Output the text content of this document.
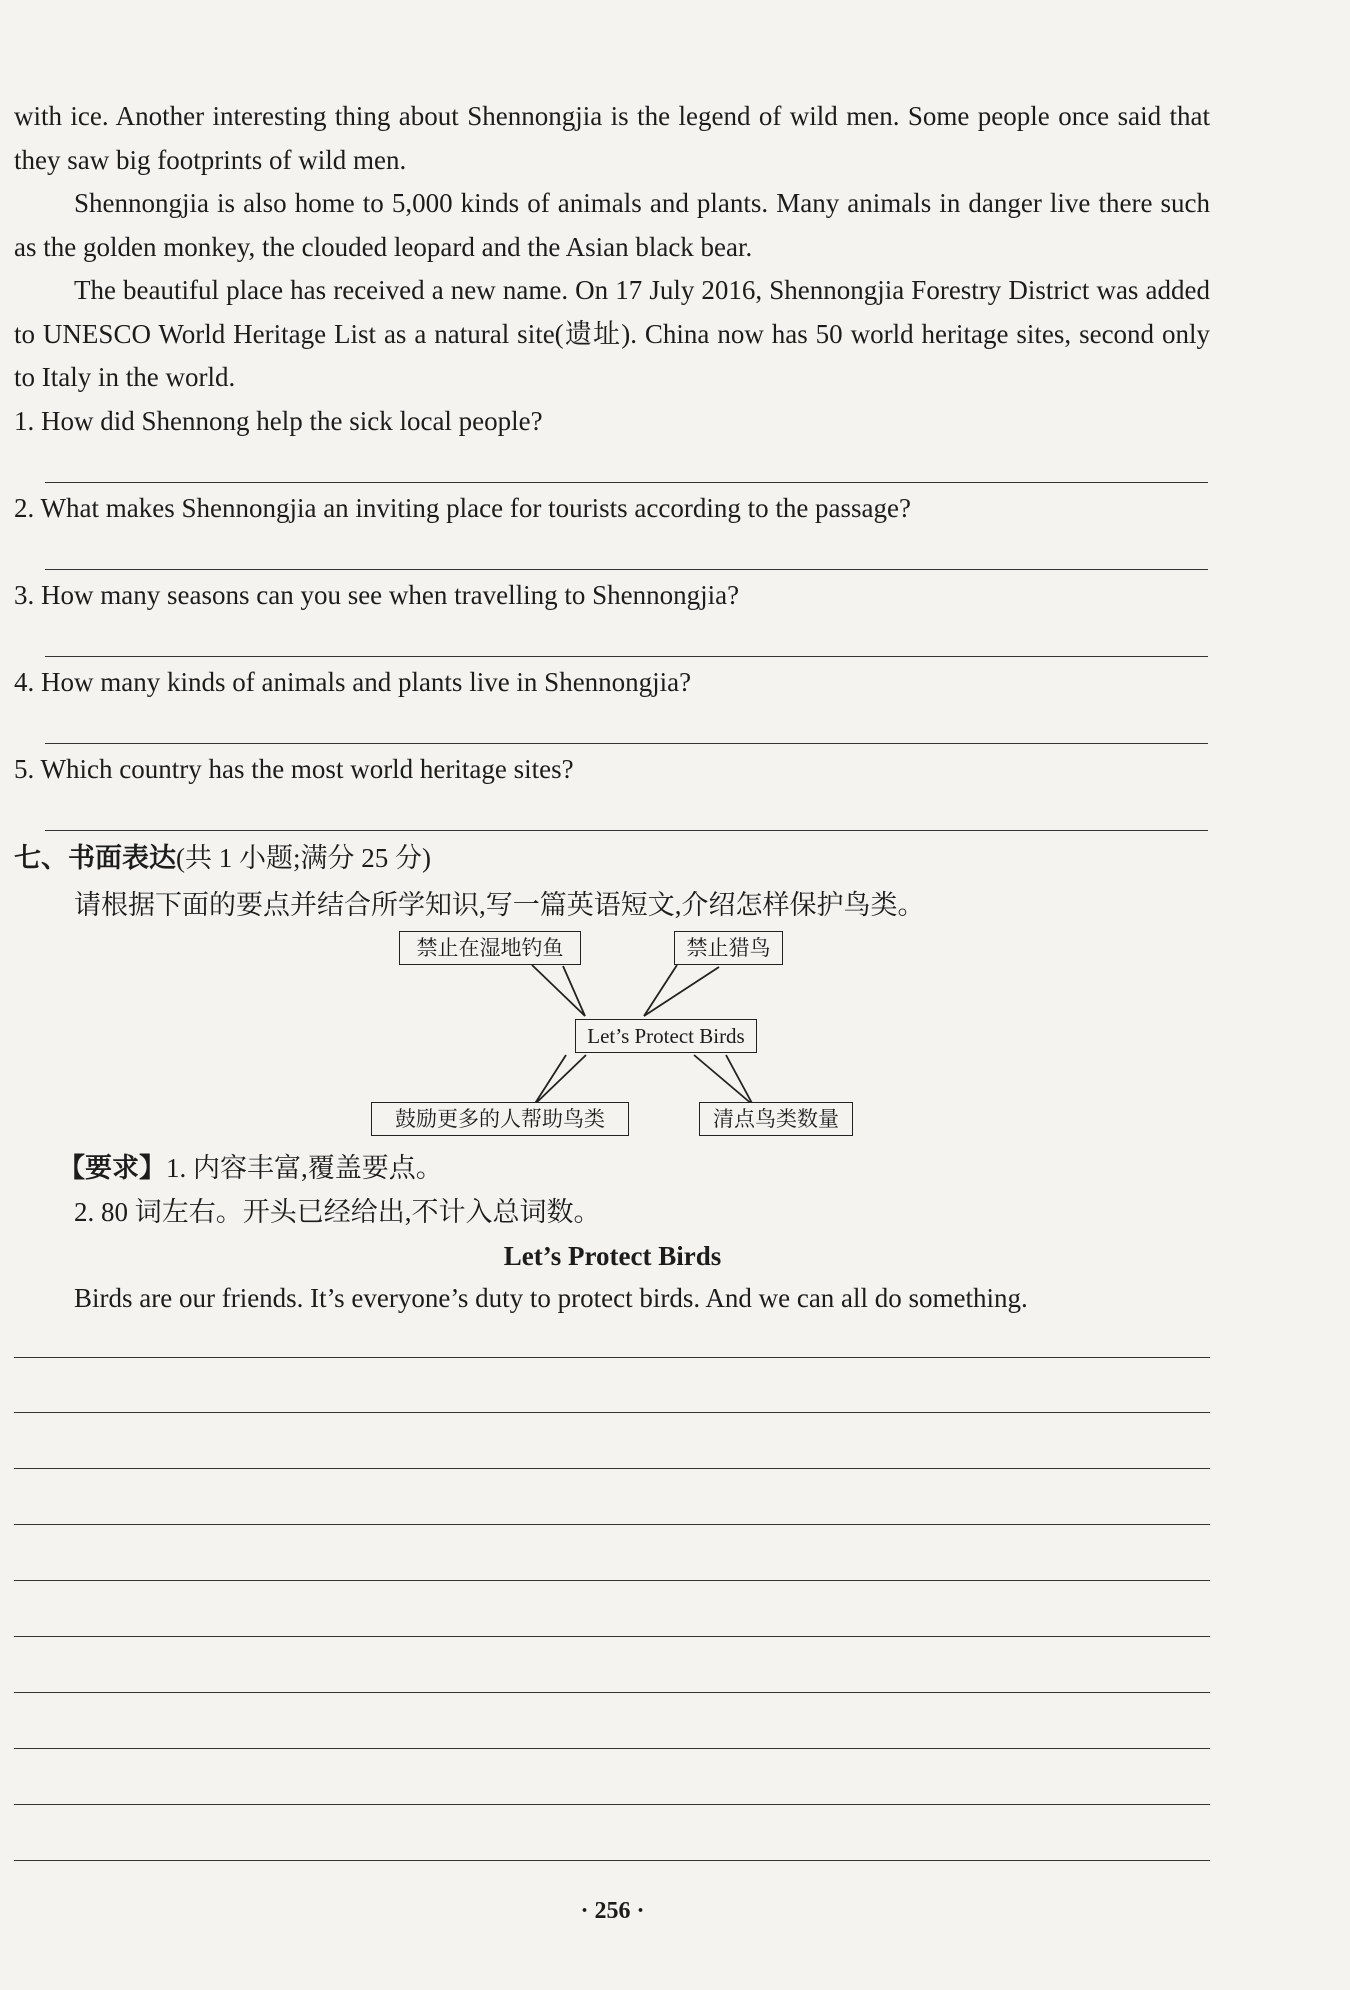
with ice. Another interesting thing about Shennongjia is the legend of wild men. Some people once said that they saw big footprints of wild men.

Shennongjia is also home to 5,000 kinds of animals and plants. Many animals in danger live there such as the golden monkey, the clouded leopard and the Asian black bear.

The beautiful place has received a new name. On 17 July 2016, Shennongjia Forestry District was added to UNESCO World Heritage List as a natural site(遗址). China now has 50 world heritage sites, second only to Italy in the world.

1. How did Shennong help the sick local people?
2. What makes Shennongjia an inviting place for tourists according to the passage?
3. How many seasons can you see when travelling to Shennongjia?
4. How many kinds of animals and plants live in Shennongjia?
5. Which country has the most world heritage sites?
七、书面表达(共 1 小题;满分 25 分)
请根据下面的要点并结合所学知识,写一篇英语短文,介绍怎样保护鸟类。
禁止在湿地钓鱼	禁止猎鸟
Let’s Protect Birds
鼓励更多的人帮助鸟类	清点鸟类数量
【要求】1. 内容丰富,覆盖要点。
2. 80 词左右。开头已经给出,不计入总词数。
Let’s Protect Birds
Birds are our friends. It’s everyone’s duty to protect birds. And we can all do something.
· 256 ·
